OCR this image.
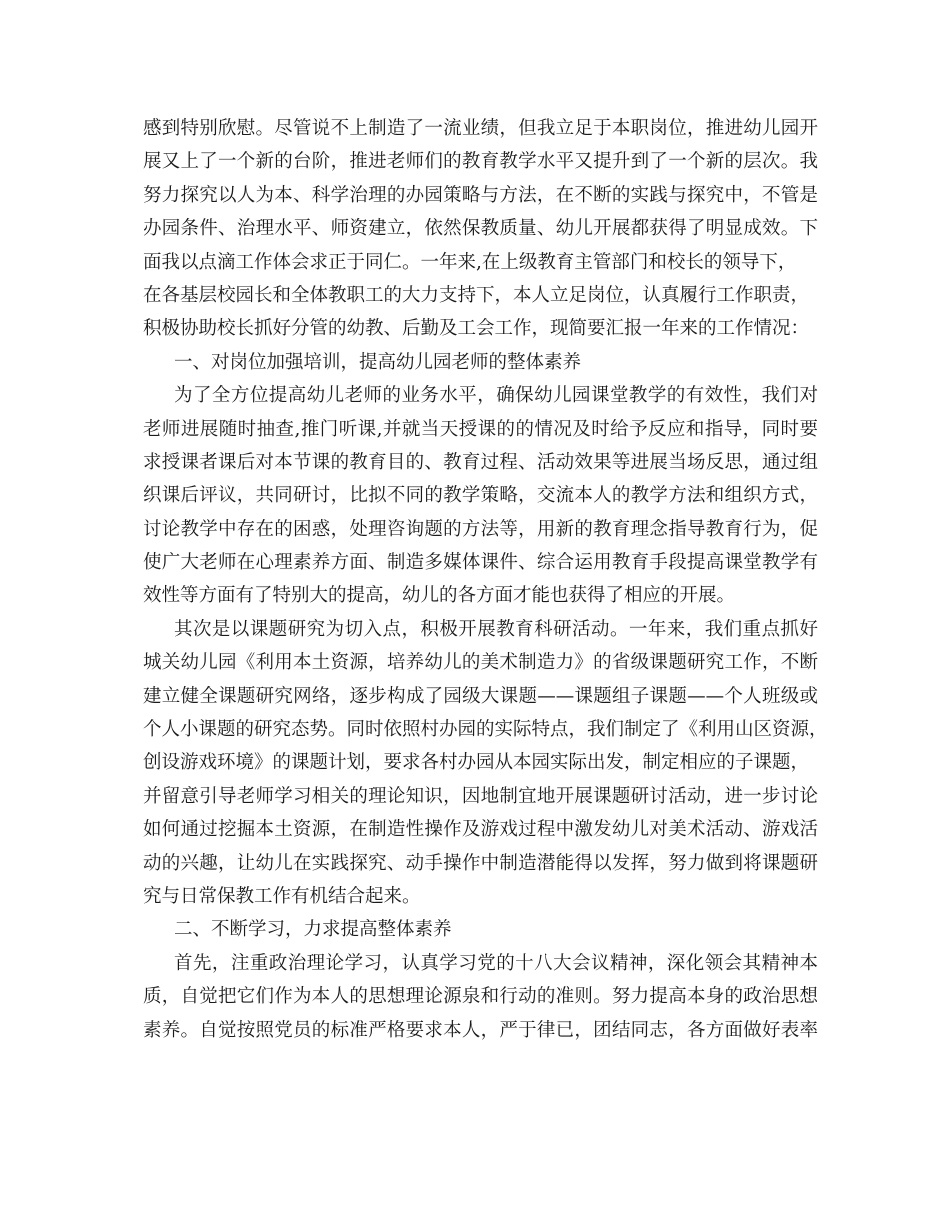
感到特别欣慰。尽管说不上制造了一流业绩，但我立足于本职岗位，推进幼儿园开
展又上了一个新的台阶，推进老师们的教育教学水平又提升到了一个新的层次。我
努力探究以人为本、科学治理的办园策略与方法，在不断的实践与探究中，不管是
办园条件、治理水平、师资建立，依然保教质量、幼儿开展都获得了明显成效。下
面我以点滴工作体会求正于同仁。一年来,在上级教育主管部门和校长的领导下，
在各基层校园长和全体教职工的大力支持下，本人立足岗位，认真履行工作职责，
积极协助校长抓好分管的幼教、后勤及工会工作，现简要汇报一年来的工作情况：
一、对岗位加强培训，提高幼儿园老师的整体素养
为了全方位提高幼儿老师的业务水平，确保幼儿园课堂教学的有效性，我们对
老师进展随时抽查,推门听课,并就当天授课的的情况及时给予反应和指导，同时要
求授课者课后对本节课的教育目的、教育过程、活动效果等进展当场反思，通过组
织课后评议，共同研讨，比拟不同的教学策略，交流本人的教学方法和组织方式，
讨论教学中存在的困惑，处理咨询题的方法等，用新的教育理念指导教育行为，促
使广大老师在心理素养方面、制造多媒体课件、综合运用教育手段提高课堂教学有
效性等方面有了特别大的提高，幼儿的各方面才能也获得了相应的开展。
其次是以课题研究为切入点，积极开展教育科研活动。一年来，我们重点抓好
城关幼儿园《利用本土资源，培养幼儿的美术制造力》的省级课题研究工作，不断
建立健全课题研究网络，逐步构成了园级大课题——课题组子课题——个人班级或
个人小课题的研究态势。同时依照村办园的实际特点，我们制定了《利用山区资源，
创设游戏环境》的课题计划，要求各村办园从本园实际出发，制定相应的子课题，
并留意引导老师学习相关的理论知识，因地制宜地开展课题研讨活动，进一步讨论
如何通过挖掘本土资源，在制造性操作及游戏过程中激发幼儿对美术活动、游戏活
动的兴趣，让幼儿在实践探究、动手操作中制造潜能得以发挥，努力做到将课题研
究与日常保教工作有机结合起来。
二、不断学习，力求提高整体素养
首先，注重政治理论学习，认真学习党的十八大会议精神，深化领会其精神本
质，自觉把它们作为本人的思想理论源泉和行动的准则。努力提高本身的政治思想
素养。自觉按照党员的标准严格要求本人，严于律已，团结同志，各方面做好表率
